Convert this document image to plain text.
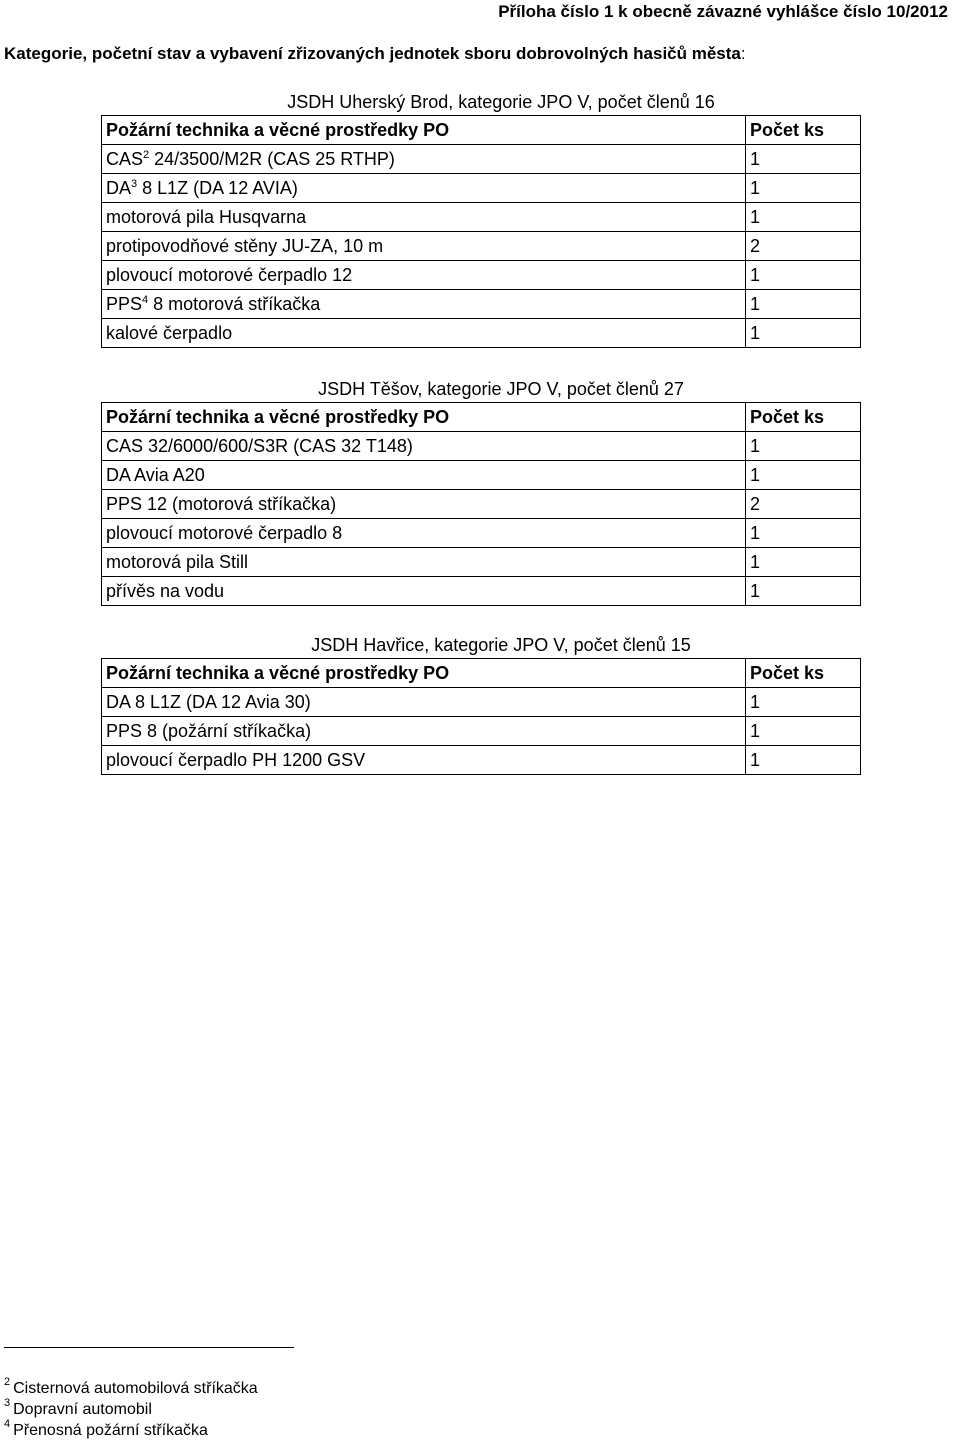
Příloha číslo 1 k obecně závazné vyhlášce číslo 10/2012
Kategorie, početní stav a vybavení zřizovaných jednotek sboru dobrovolných hasičů města:
JSDH Uherský Brod, kategorie JPO V, počet členů 16
Požární technika a věcné prostředky PO	Počet ks
CAS$^2$ 24/3500/M2R (CAS 25 RTHP)	1
DA$^3$ 8 L1Z (DA 12 AVIA)	1
motorová pila Husqvarna	1
protipovodňové stěny JU-ZA, 10 m	2
plovoucí motorové čerpadlo 12	1
PPS$^4$ 8 motorová stříkačka	1
kalové čerpadlo	1
JSDH Těšov, kategorie JPO V, počet členů 27
Požární technika a věcné prostředky PO	Počet ks
CAS 32/6000/600/S3R (CAS 32 T148)	1
DA Avia A20	1
PPS 12 (motorová stříkačka)	2
plovoucí motorové čerpadlo 8	1
motorová pila Still	1
přívěs na vodu	1
JSDH Havřice, kategorie JPO V, počet členů 15
Požární technika a věcné prostředky PO	Počet ks
DA 8 L1Z (DA 12 Avia 30)	1
PPS 8 (požární stříkačka)	1
plovoucí čerpadlo PH 1200 GSV	1
$^2$ Cisternová automobilová stříkačka
$^3$ Dopravní automobil
$^4$ Přenosná požární stříkačka
